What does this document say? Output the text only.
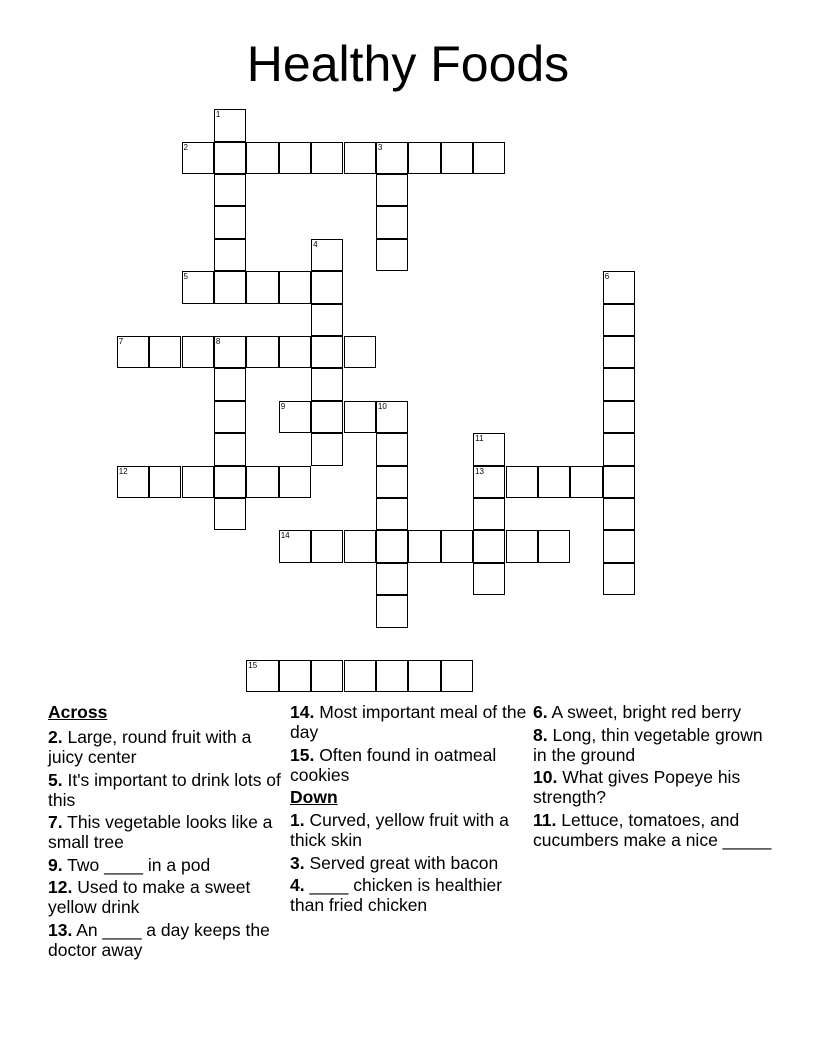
Healthy Foods
1
2	3
4
5	6
7	8
9	10
11
12	13
14
15
Across
2. Large, round fruit with a juicy center
5. It's important to drink lots of this
7. This vegetable looks like a small tree
9. Two ____ in a pod
12. Used to make a sweet yellow drink
13. An ____ a day keeps the doctor away
14. Most important meal of the day
15. Often found in oatmeal cookies
Down
1. Curved, yellow fruit with a thick skin
3. Served great with bacon
4. ____ chicken is healthier than fried chicken
6. A sweet, bright red berry
8. Long, thin vegetable grown in the ground
10. What gives Popeye his strength?
11. Lettuce, tomatoes, and cucumbers make a nice _____
